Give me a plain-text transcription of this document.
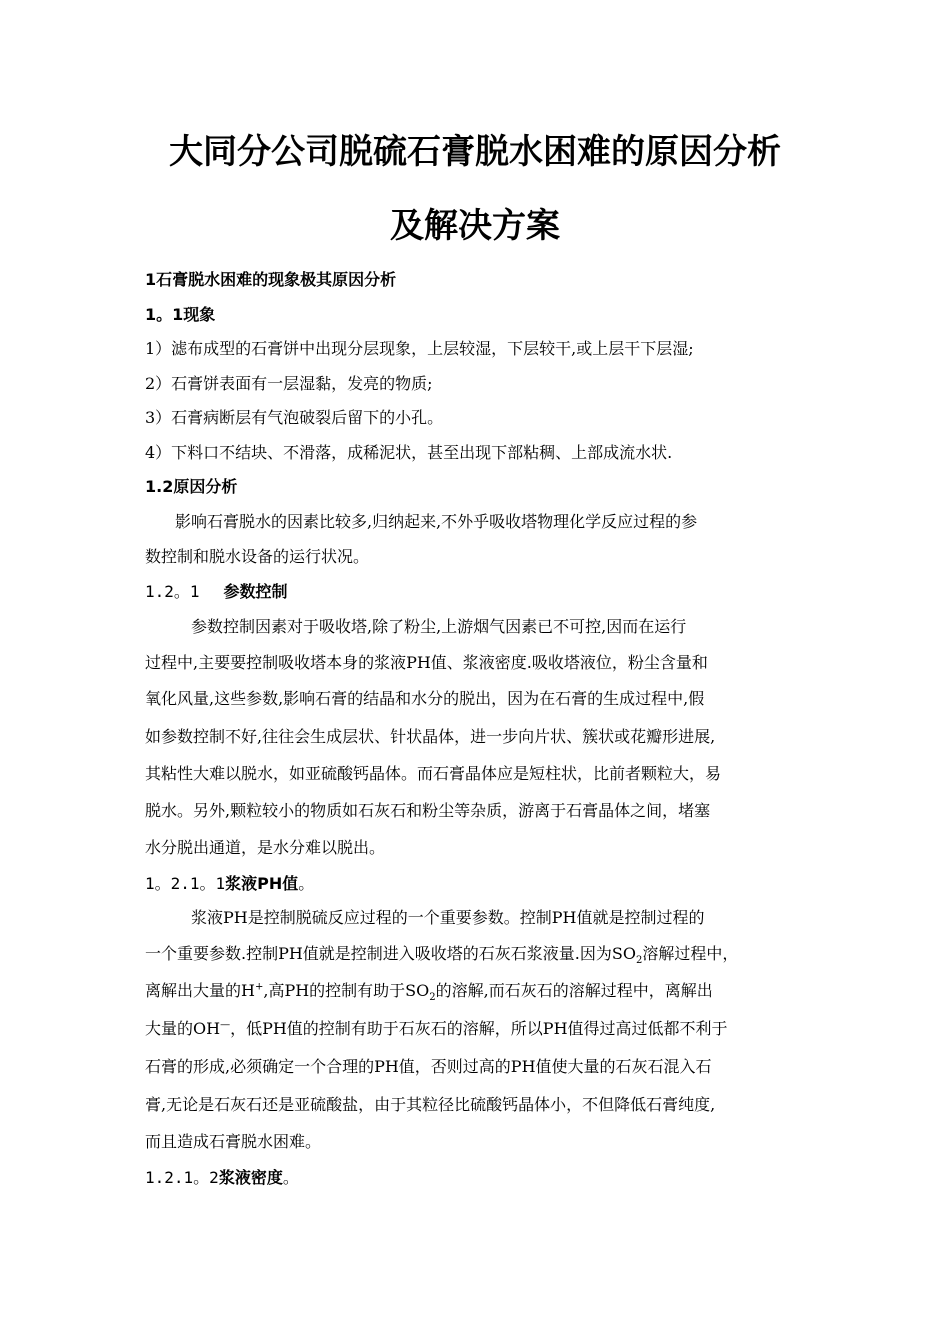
大同分公司脱硫石膏脱水困难的原因分析
及解决方案
1石膏脱水困难的现象极其原因分析
1。1现象
1）滤布成型的石膏饼中出现分层现象，上层较湿，下层较干,或上层干下层湿;
2）石膏饼表面有一层湿黏，发亮的物质;
3）石膏病断层有气泡破裂后留下的小孔。
4）下料口不结块、不滑落，成稀泥状，甚至出现下部粘稠、上部成流水状.
1.2原因分析
影响石膏脱水的因素比较多,归纳起来,不外乎吸收塔物理化学反应过程的参
数控制和脱水设备的运行状况。
1.2。1 参数控制
参数控制因素对于吸收塔,除了粉尘,上游烟气因素已不可控,因而在运行
过程中,主要要控制吸收塔本身的浆液PH值、浆液密度.吸收塔液位，粉尘含量和
氧化风量,这些参数,影响石膏的结晶和水分的脱出，因为在石膏的生成过程中,假
如参数控制不好,往往会生成层状、针状晶体，进一步向片状、簇状或花瓣形进展,
其粘性大难以脱水，如亚硫酸钙晶体。而石膏晶体应是短柱状，比前者颗粒大，易
脱水。另外,颗粒较小的物质如石灰石和粉尘等杂质，游离于石膏晶体之间，堵塞
水分脱出通道，是水分难以脱出。
1。2.1。1浆液PH值。
浆液PH是控制脱硫反应过程的一个重要参数。控制PH值就是控制过程的
一个重要参数.控制PH值就是控制进入吸收塔的石灰石浆液量.因为$SO_2$溶解过程中，
离解出大量的H+,高PH的控制有助于$SO_2$的溶解,而石灰石的溶解过程中，离解出
大量的OH—，低PH值的控制有助于石灰石的溶解，所以PH值得过高过低都不利于
石膏的形成,必须确定一个合理的PH值，否则过高的PH值使大量的石灰石混入石
膏,无论是石灰石还是亚硫酸盐，由于其粒径比硫酸钙晶体小，不但降低石膏纯度,
而且造成石膏脱水困难。
1.2.1。2浆液密度。
